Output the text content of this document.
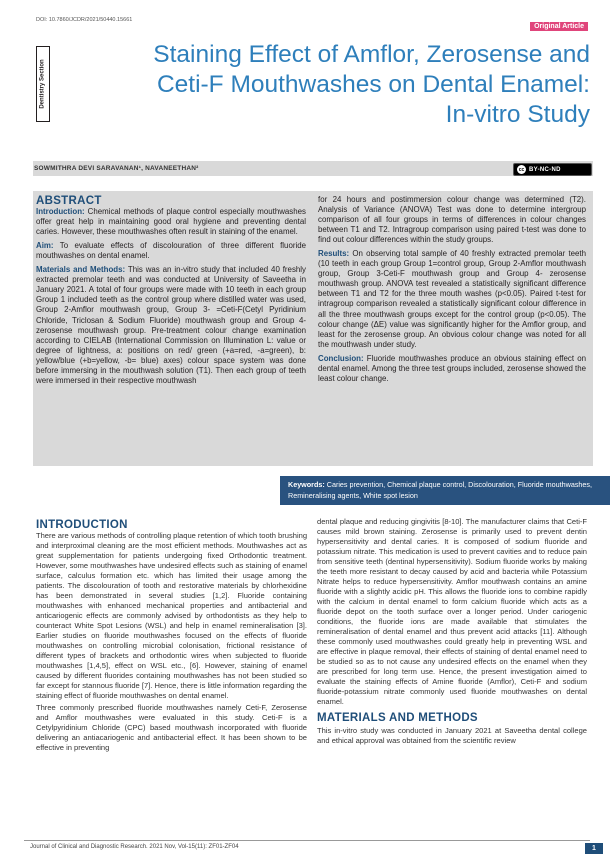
DOI: 10.7860/JCDR/2021/50440.15661
Original Article
Dentistry Section
Staining Effect of Amflor, Zerosense and Ceti-F Mouthwashes on Dental Enamel: In-vitro Study
SOWMITHRA DEVI SARAVANAN¹, NAVANEETHAN²	cc BY-NC-ND
ABSTRACT

Introduction: Chemical methods of plaque control especially mouthwashes offer great help in maintaining good oral hygiene and preventing dental caries. However, these mouthwashes often result in staining of the enamel.

Aim: To evaluate effects of discolouration of three different fluoride mouthwashes on dental enamel.

Materials and Methods: This was an in-vitro study that included 40 freshly extracted premolar teeth and was conducted at University of Saveetha in January 2021. A total of four groups were made with 10 teeth in each group Group 1 included teeth as the control group where distilled water was used, Group 2-Amflor mouthwash group, Group 3- =Ceti-F(Cetyl Pyridinium Chloride, Triclosan & Sodium Fluoride) mouthwash group and Group 4- zerosense mouthwash group. Pre-treatment colour change examination according to CIELAB (International Commission on Illumination L: value or degree of lightness, a: positions on red/ green (+a=red, -a=green), b: yellow/blue (+b=yellow, -b= blue) axes) colour space system was done before immersing in the mouthwash solution (T1). Then each group of teeth were immersed in their respective mouthwash

for 24 hours and postimmersion colour change was determined (T2). Analysis of Variance (ANOVA) Test was done to determine intergroup comparison of all four groups in terms of differences in colour changes between T1 and T2. Intragroup comparison using paired t-test was done to find out colour differences within the study groups.

Results: On observing total sample of 40 freshly extracted premolar teeth (10 teeth in each group Group 1=control group, Group 2-Amflor mouthwash group, Group 3-Ceti-F mouthwash group and Group 4- zerosense mouthwash group. ANOVA test revealed a statistically significant difference between T1 and T2 for the three mouth washes (p<0.05). Paired t-test for intragroup comparison revealed a statistically significant colour difference in all the three mouthwash groups except for the control group (p<0.05). The colour change (ΔE) value was significantly higher for the Amflor group, and least for the zerosense group. An obvious colour change was noted for all the mouthwash under study.

Conclusion: Fluoride mouthwashes produce an obvious staining effect on dental enamel. Among the three test groups included, zerosense showed the least colour change.

Keywords: Caries prevention, Chemical plaque control, Discolouration, Fluoride mouthwashes, Remineralising agents, White spot lesion
INTRODUCTION

There are various methods of controlling plaque retention of which tooth brushing and interproximal cleaning are the most efficient methods. Mouthwashes act as great supplementation for patients undergoing fixed Orthodontic treatment. However, some mouthwashes have undesired effects such as staining of enamel surface, calculus formation etc. which has limited their usage among the patients. The discolouration of tooth and restorative materials by chlorhexidine has been demonstrated in several studies [1,2]. Fluoride containing mouthwashes with enhanced mechanical properties and antibacterial and anticariogenic effects are commonly advised by orthodontists as they help to counteract White Spot Lesions (WSL) and help in enamel remineralisation [3]. Earlier studies on fluoride mouthwashes focused on the effects of fluoride mouthwashes on controlling microbial colonisation, frictional resistance of different types of brackets and orthodontic wires when subjected to fluoride mouthwashes [1,4,5], effect on WSL etc., [6]. However, staining of enamel caused by different fluorides containing mouthwashes has not been studied so far except for stannous fluoride [7]. Hence, there is little information regarding the staining effect of fluoride mouthwashes on dental enamel.

Three commonly prescribed fluoride mouthwashes namely Ceti-F, Zerosense and Amflor mouthwashes were evaluated in this study. Ceti-F is a Cetylpyridinium Chloride (CPC) based mouthwash incorporated with fluoride delivering an antiacariogenic and antibacterial effect. It has been shown to be effective in preventing

dental plaque and reducing gingivitis [8-10]. The manufacturer claims that Ceti-F causes mild brown staining. Zerosense is primarily used to prevent dentin hypersensitivity and dental caries. It is composed of sodium fluoride and potassium nitrate. This medication is used to prevent cavities and to reduce pain from sensitive teeth (dentinal hypersensitivity). Sodium fluoride works by making the teeth more resistant to decay caused by acid and bacteria while Potassium Nitrate helps to reduce hypersensitivity. Amflor mouthwash contains an amine fluoride with a slightly acidic pH. This allows the fluoride ions to combine rapidly with the calcium in dental enamel to form calcium fluoride which acts as a fluoride depot on the tooth surface over a longer period. Under cariogenic conditions, the fluoride ions are made available that stimulates the remineralisation of dental enamel and thus prevent acid attacks [11]. Although these commonly used mouthwashes could greatly help in preventing WSL and are effective in plaque removal, their effects of staining of dental enamel need to be studied so as to not cause any undesired effects on the enamel when they are prescribed for long term use. Hence, the present investigation aimed to evaluate the staining effects of Amine fluoride (Amflor), Ceti-F and sodium fluoride-potassium nitrate commonly used fluoride mouthwashes on dental enamel.

MATERIALS AND METHODS

This in-vitro study was conducted in January 2021 at Saveetha dental college and ethical approval was obtained from the scientific review

Journal of Clinical and Diagnostic Research. 2021 Nov, Vol-15(11): ZF01-ZF04	1
